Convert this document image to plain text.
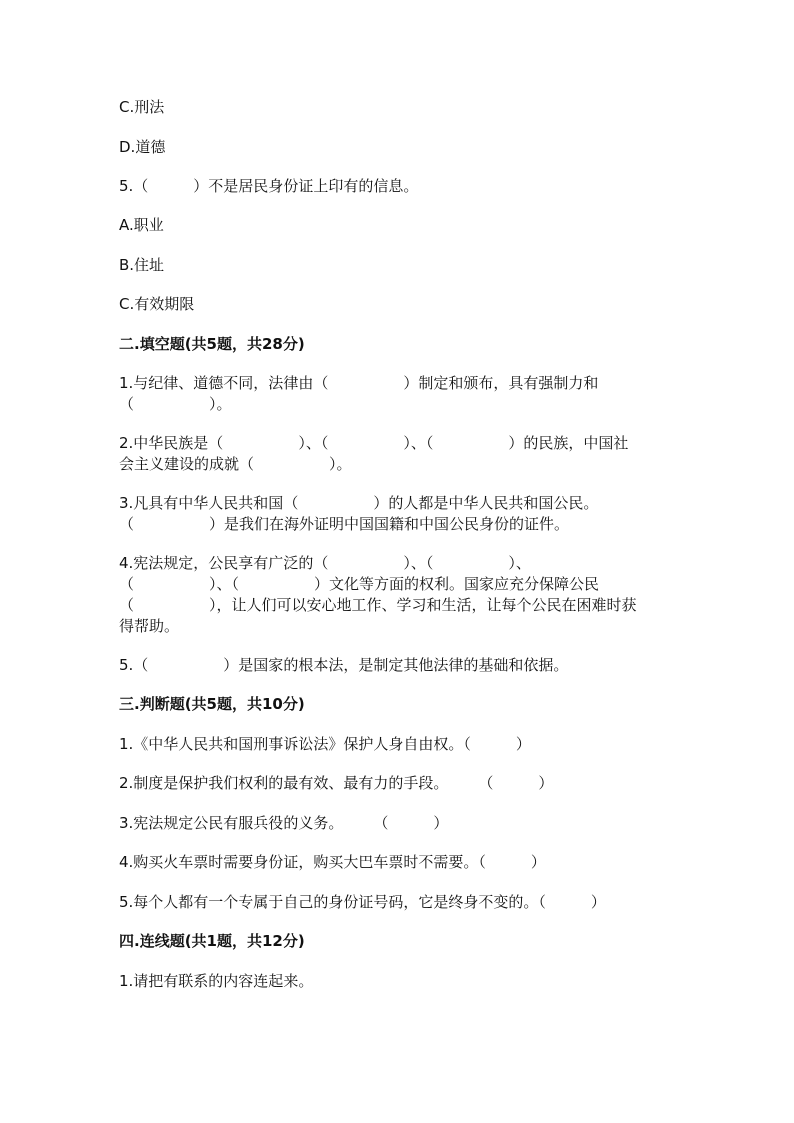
C.刑法
D.道德
5.（　　　）不是居民身份证上印有的信息。
A.职业
B.住址
C.有效期限
二.填空题(共5题，共28分)
1.与纪律、道德不同，法律由（　　　　　）制定和颁布，具有强制力和
（　　　　　）。
2.中华民族是（　　　　　）、（　　　　　）、（　　　　　）的民族，中国社
会主义建设的成就（　　　　　）。
3.凡具有中华人民共和国（　　　　　）的人都是中华人民共和国公民。
（　　　　　）是我们在海外证明中国国籍和中国公民身份的证件。
4.宪法规定，公民享有广泛的（　　　　　）、（　　　　　）、
（　　　　　）、（　　　　　）文化等方面的权利。国家应充分保障公民
（　　　　　），让人们可以安心地工作、学习和生活，让每个公民在困难时获
得帮助。
5.（　　　　　）是国家的根本法，是制定其他法律的基础和依据。
三.判断题(共5题，共10分)
1.《中华人民共和国刑事诉讼法》保护人身自由权。（　　　）
2.制度是保护我们权利的最有效、最有力的手段。　　　（　　　）
3.宪法规定公民有服兵役的义务。　　　（　　　）
4.购买火车票时需要身份证，购买大巴车票时不需要。（　　　）
5.每个人都有一个专属于自己的身份证号码，它是终身不变的。（　　　）
四.连线题(共1题，共12分)
1.请把有联系的内容连起来。
